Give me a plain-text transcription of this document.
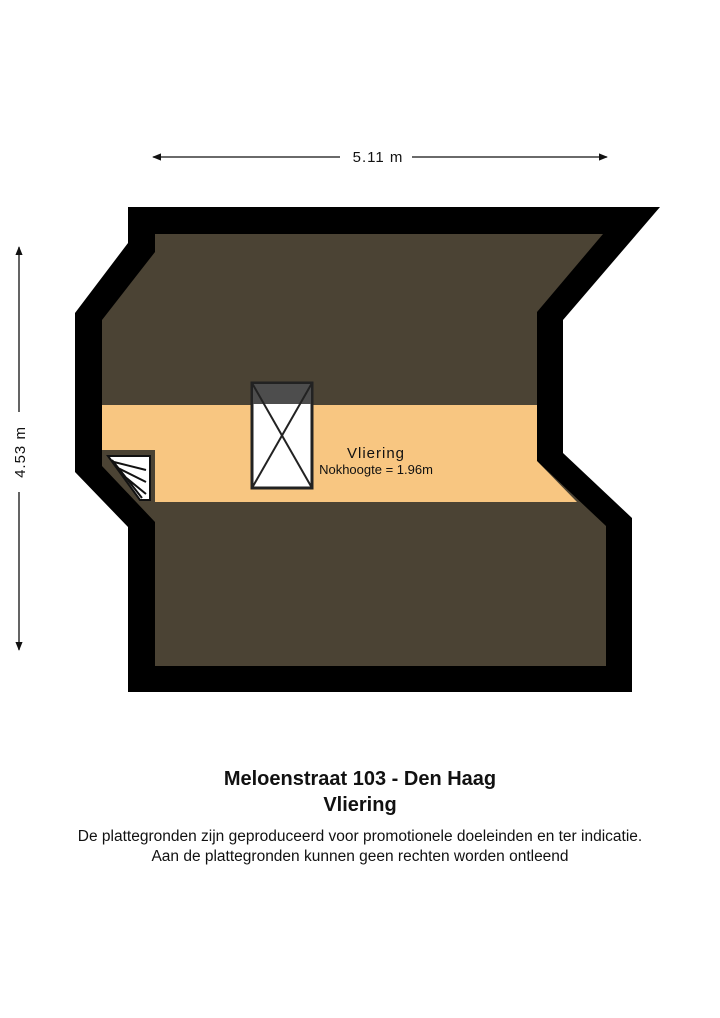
Vliering
Nokhoogte = 1.96m
5.11 m
4.53 m
Meloenstraat 103 - Den Haag
Vliering
De plattegronden zijn geproduceerd voor promotionele doeleinden en ter indicatie.
Aan de plattegronden kunnen geen rechten worden ontleend
